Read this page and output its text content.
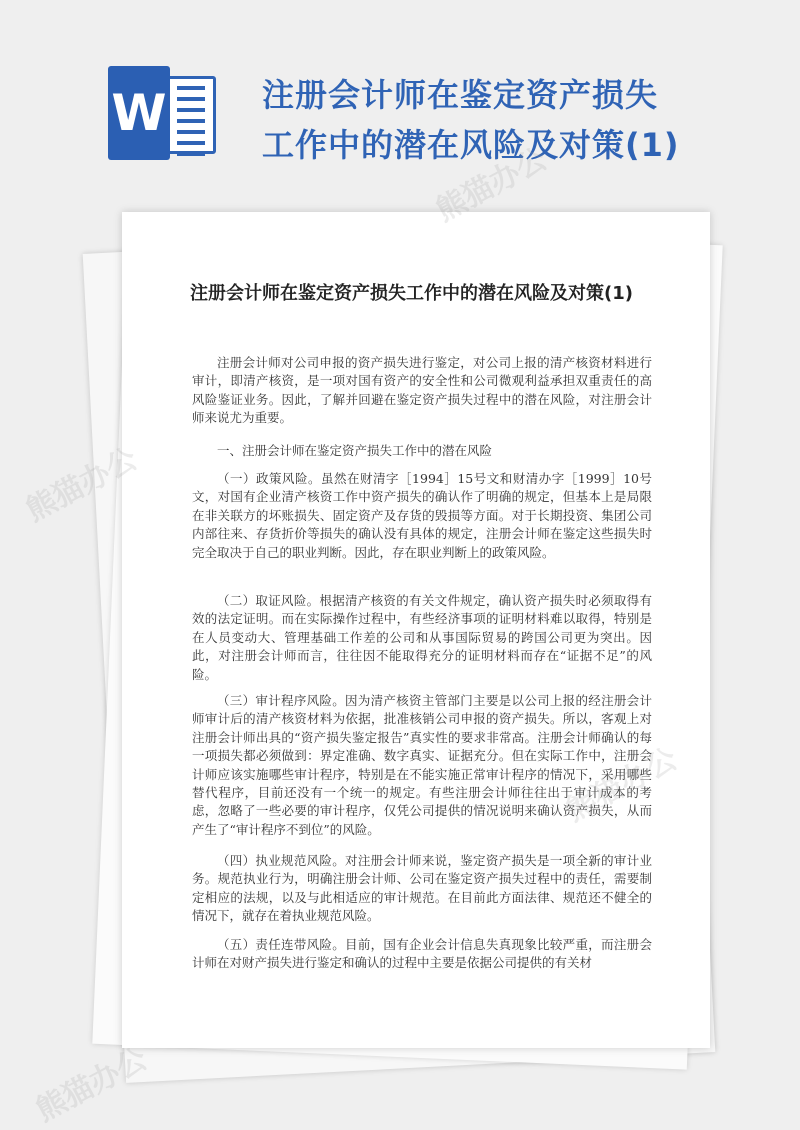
W	注册会计师在鉴定资产损失工作中的潜在风险及对策(1)
注册会计师在鉴定资产损失工作中的潜在风险及对策(1)

注册会计师对公司申报的资产损失进行鉴定，对公司上报的清产核资材料进行审计，即清产核资，是一项对国有资产的安全性和公司微观利益承担双重责任的高风险鉴证业务。因此，了解并回避在鉴定资产损失过程中的潜在风险，对注册会计师来说尤为重要。

一、注册会计师在鉴定资产损失工作中的潜在风险

（一）政策风险。虽然在财清字［1994］15号文和财清办字［1999］10号文，对国有企业清产核资工作中资产损失的确认作了明确的规定，但基本上是局限在非关联方的坏账损失、固定资产及存货的毁损等方面。对于长期投资、集团公司内部往来、存货折价等损失的确认没有具体的规定，注册会计师在鉴定这些损失时完全取决于自己的职业判断。因此，存在职业判断上的政策风险。

（二）取证风险。根据清产核资的有关文件规定，确认资产损失时必须取得有效的法定证明。而在实际操作过程中，有些经济事项的证明材料难以取得，特别是在人员变动大、管理基础工作差的公司和从事国际贸易的跨国公司更为突出。因此，对注册会计师而言，往往因不能取得充分的证明材料而存在“证据不足”的风险。

（三）审计程序风险。因为清产核资主管部门主要是以公司上报的经注册会计师审计后的清产核资材料为依据，批准核销公司申报的资产损失。所以，客观上对注册会计师出具的“资产损失鉴定报告”真实性的要求非常高。注册会计师确认的每一项损失都必须做到：界定准确、数字真实、证据充分。但在实际工作中，注册会计师应该实施哪些审计程序，特别是在不能实施正常审计程序的情况下，采用哪些替代程序，目前还没有一个统一的规定。有些注册会计师往往出于审计成本的考虑，忽略了一些必要的审计程序，仅凭公司提供的情况说明来确认资产损失，从而产生了“审计程序不到位”的风险。

（四）执业规范风险。对注册会计师来说，鉴定资产损失是一项全新的审计业务。规范执业行为，明确注册会计师、公司在鉴定资产损失过程中的责任，需要制定相应的法规，以及与此相适应的审计规范。在目前此方面法律、规范还不健全的情况下，就存在着执业规范风险。

（五）责任连带风险。目前，国有企业会计信息失真现象比较严重，而注册会计师在对财产损失进行鉴定和确认的过程中主要是依据公司提供的有关材

熊猫办公
熊猫办公
熊猫办公
